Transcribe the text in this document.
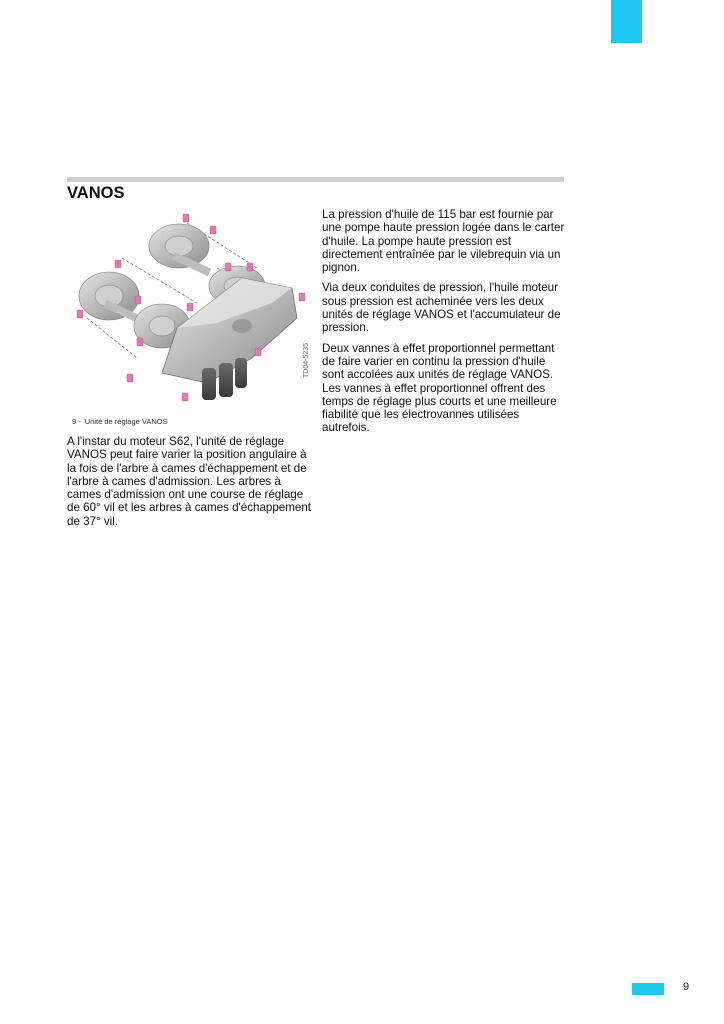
VANOS
TD04-5235
9 - Unité de réglage VANOS

A l'instar du moteur S62, l'unité de réglage VANOS peut faire varier la position angulaire à la fois de l'arbre à cames d'échappement et de l'arbre à cames d'admission. Les arbres à cames d'admission ont une course de réglage de 60° vil et les arbres à cames d'échappement de 37° vil.

La pression d'huile de 115 bar est fournie par une pompe haute pression logée dans le carter d'huile. La pompe haute pression est directement entraînée par le vilebrequin via un pignon.

Via deux conduites de pression, l'huile moteur sous pression est acheminée vers les deux unités de réglage VANOS et l'accumulateur de pression.

Deux vannes à effet proportionnel permettant de faire varier en continu la pression d'huile sont accolées aux unités de réglage VANOS. Les vannes à effet proportionnel offrent des temps de réglage plus courts et une meilleure fiabilité que les électrovannes utilisées autrefois.

9
